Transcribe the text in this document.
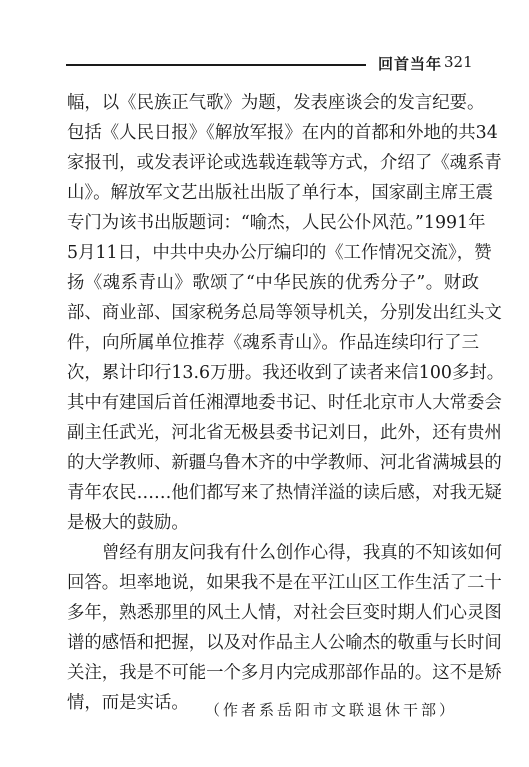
回首当年 321
幅，以《民族正气歌》为题，发表座谈会的发言纪要。
包括《人民日报》《解放军报》在内的首都和外地的共34
家报刊，或发表评论或选载连载等方式，介绍了《魂系青
山》。解放军文艺出版社出版了单行本，国家副主席王震
专门为该书出版题词：“喻杰，人民公仆风范。”1991年
5月11日，中共中央办公厅编印的《工作情况交流》，赞
扬《魂系青山》歌颂了“中华民族的优秀分子”。财政
部、商业部、国家税务总局等领导机关，分别发出红头文
件，向所属单位推荐《魂系青山》。作品连续印行了三
次，累计印行13.6万册。我还收到了读者来信100多封。
其中有建国后首任湘潭地委书记、时任北京市人大常委会
副主任武光，河北省无极县委书记刘日，此外，还有贵州
的大学教师、新疆乌鲁木齐的中学教师、河北省满城县的
青年农民……他们都写来了热情洋溢的读后感，对我无疑
是极大的鼓励。
曾经有朋友问我有什么创作心得，我真的不知该如何
回答。坦率地说，如果我不是在平江山区工作生活了二十
多年，熟悉那里的风土人情，对社会巨变时期人们心灵图
谱的感悟和把握，以及对作品主人公喻杰的敬重与长时间
关注，我是不可能一个多月内完成那部作品的。这不是矫
情，而是实话。	（作者系岳阳市文联退休干部）
